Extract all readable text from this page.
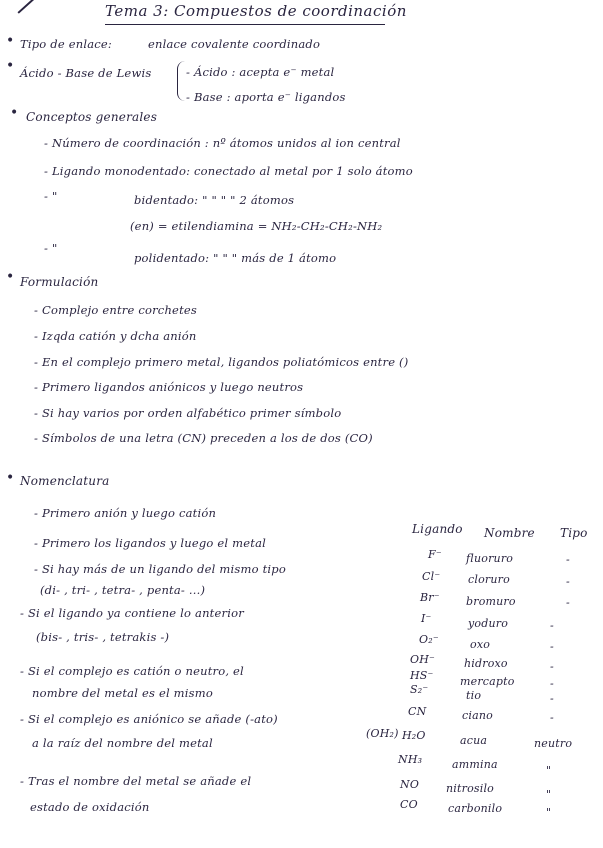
Tema 3: Compuestos de coordinación
• Tipo de enlace:	enlace covalente coordinado
• Ácido - Base de Lewis	- Ácido : acepta e⁻ metal
- Base : aporta e⁻ ligandos
• Conceptos generales
- Número de coordinación : nº átomos unidos al ion central
- Ligando monodentado: conectado al metal por 1 solo átomo
- "	bidentado: " " " " 2 átomos
(en) = etilendiamina = NH₂-CH₂-CH₂-NH₂
- "
polidentado: " " " más de 1 átomo
• Formulación
- Complejo entre corchetes
- Izqda catión y dcha anión
- En el complejo primero metal, ligandos poliatómicos entre ()
- Primero ligandos aniónicos y luego neutros
- Si hay varios por orden alfabético primer símbolo
- Símbolos de una letra (CN) preceden a los de dos (CO)
• Nomenclatura
- Primero anión y luego catión
- Primero los ligandos y luego el metal
- Si hay más de un ligando del mismo tipo
(di- , tri- , tetra- , penta- ...)
- Si el ligando ya contiene lo anterior
(bis- , tris- , tetrakis -)
- Si el complejo es catión o neutro, el
nombre del metal es el mismo
- Si el complejo es aniónico se añade (-ato)
a la raíz del nombre del metal
- Tras el nombre del metal se añade el
estado de oxidación
Ligando Nombre Tipo
F⁻ fluoruro	-
Cl⁻	cloruro	-
Br⁻ bromuro	-
I⁻	yoduro	-
O₂⁻	oxo	-
OH⁻	hidroxo	-
HS⁻ mercapto	-
S₂⁻	tio	-
CN	ciano	-
(OH₂) H₂O	acua	neutro
NH₃	ammina	"
NO nitrosilo	"
CO	carbonilo	"
